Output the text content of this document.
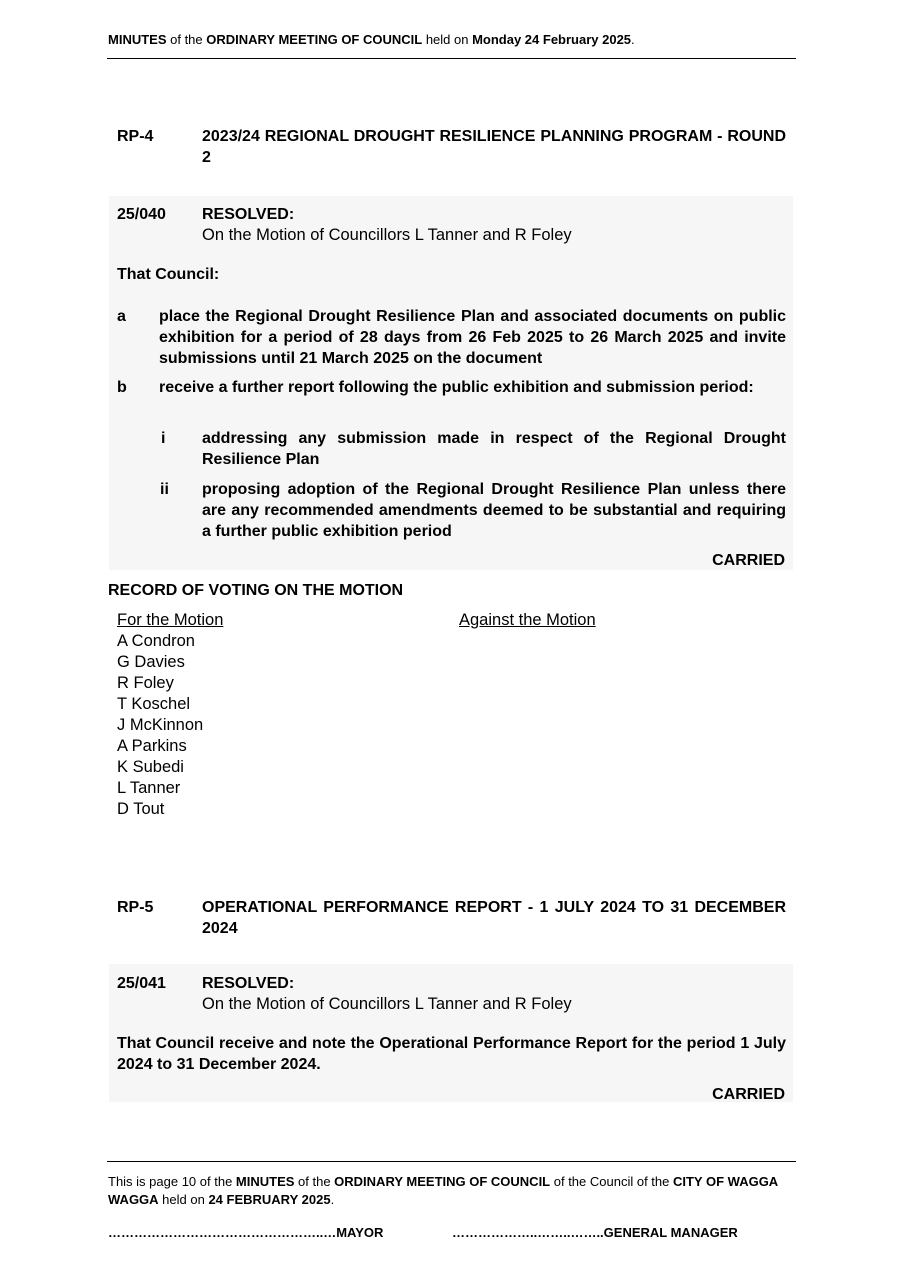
MINUTES of the ORDINARY MEETING OF COUNCIL held on Monday 24 February 2025.
RP-4	2023/24 REGIONAL DROUGHT RESILIENCE PLANNING PROGRAM - ROUND 2
25/040 RESOLVED:
On the Motion of Councillors L Tanner and R Foley
That Council:
a place the Regional Drought Resilience Plan and associated documents on public exhibition for a period of 28 days from 26 Feb 2025 to 26 March 2025 and invite submissions until 21 March 2025 on the document
b receive a further report following the public exhibition and submission period:
i addressing any submission made in respect of the Regional Drought Resilience Plan
ii proposing adoption of the Regional Drought Resilience Plan unless there are any recommended amendments deemed to be substantial and requiring a further public exhibition period
CARRIED
RECORD OF VOTING ON THE MOTION
For the Motion	Against the Motion
A Condron
G Davies
R Foley
T Koschel
J McKinnon
A Parkins
K Subedi
L Tanner
D Tout
RP-5	OPERATIONAL PERFORMANCE REPORT - 1 JULY 2024 TO 31 DECEMBER 2024
25/041 RESOLVED:
On the Motion of Councillors L Tanner and R Foley
That Council receive and note the Operational Performance Report for the period 1 July 2024 to 31 December 2024.
CARRIED
This is page 10 of the MINUTES of the ORDINARY MEETING OF COUNCIL of the Council of the CITY OF WAGGA WAGGA held on 24 FEBRUARY 2025.
…………………………………………..…MAYOR	………………..……..……..GENERAL MANAGER
